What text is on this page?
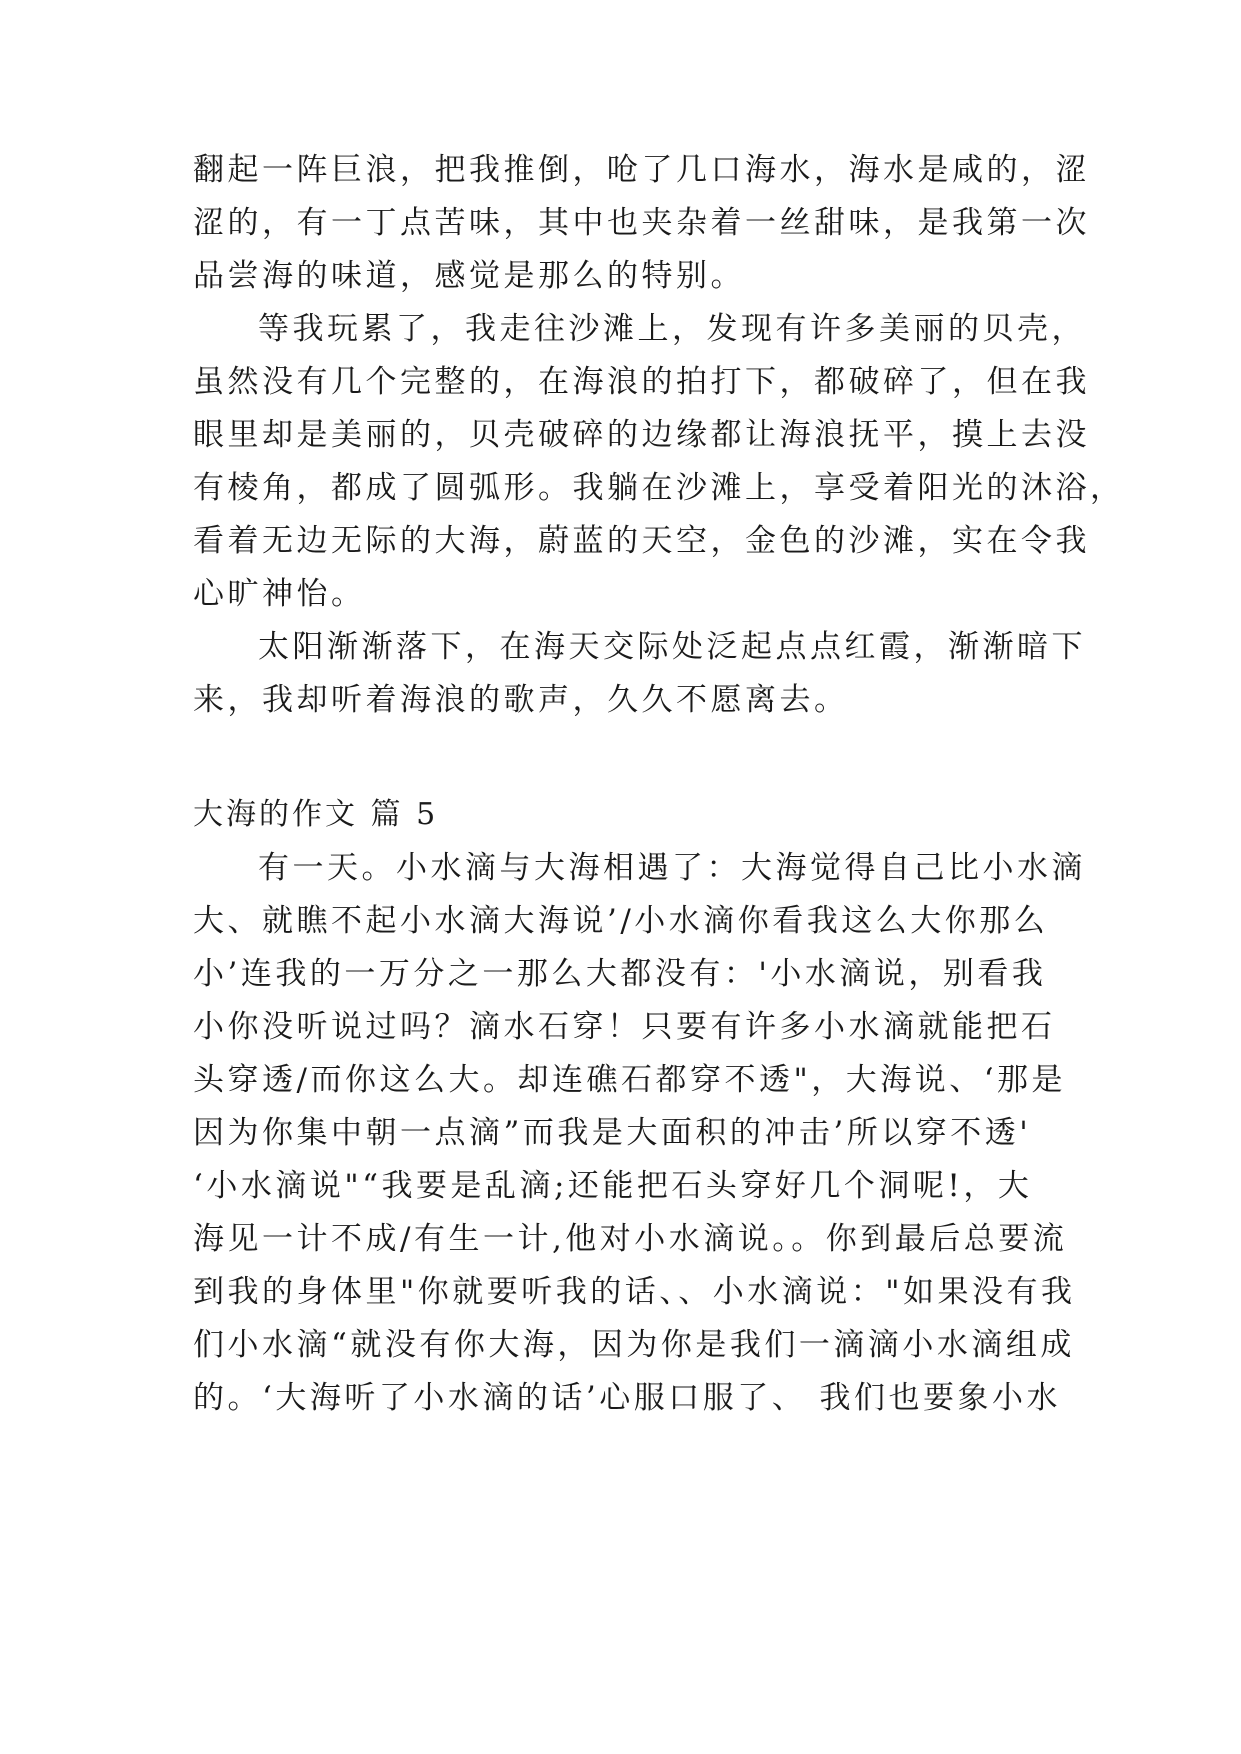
翻起一阵巨浪，把我推倒，呛了几口海水，海水是咸的，涩
涩的，有一丁点苦味，其中也夹杂着一丝甜味，是我第一次
品尝海的味道，感觉是那么的特别。
等我玩累了，我走往沙滩上，发现有许多美丽的贝壳，
虽然没有几个完整的，在海浪的拍打下，都破碎了，但在我
眼里却是美丽的，贝壳破碎的边缘都让海浪抚平，摸上去没
有棱角，都成了圆弧形。我躺在沙滩上，享受着阳光的沐浴，
看着无边无际的大海，蔚蓝的天空，金色的沙滩，实在令我
心旷神怡。
太阳渐渐落下，在海天交际处泛起点点红霞，渐渐暗下
来，我却听着海浪的歌声，久久不愿离去。
大海的作文 篇 5
有一天。小水滴与大海相遇了：大海觉得自己比小水滴
大、就瞧不起小水滴大海说’/小水滴你看我这么大你那么
小’连我的一万分之一那么大都没有：'小水滴说，别看我
小你没听说过吗？滴水石穿！只要有许多小水滴就能把石
头穿透/而你这么大。却连礁石都穿不透"，大海说、‘那是
因为你集中朝一点滴”而我是大面积的冲击’所以穿不透'
‘小水滴说"“我要是乱滴;还能把石头穿好几个洞呢!，大
海见一计不成/有生一计,他对小水滴说。。你到最后总要流
到我的身体里"你就要听我的话、、小水滴说："如果没有我
们小水滴“就没有你大海，因为你是我们一滴滴小水滴组成
的。‘大海听了小水滴的话’心服口服了、 我们也要象小水
